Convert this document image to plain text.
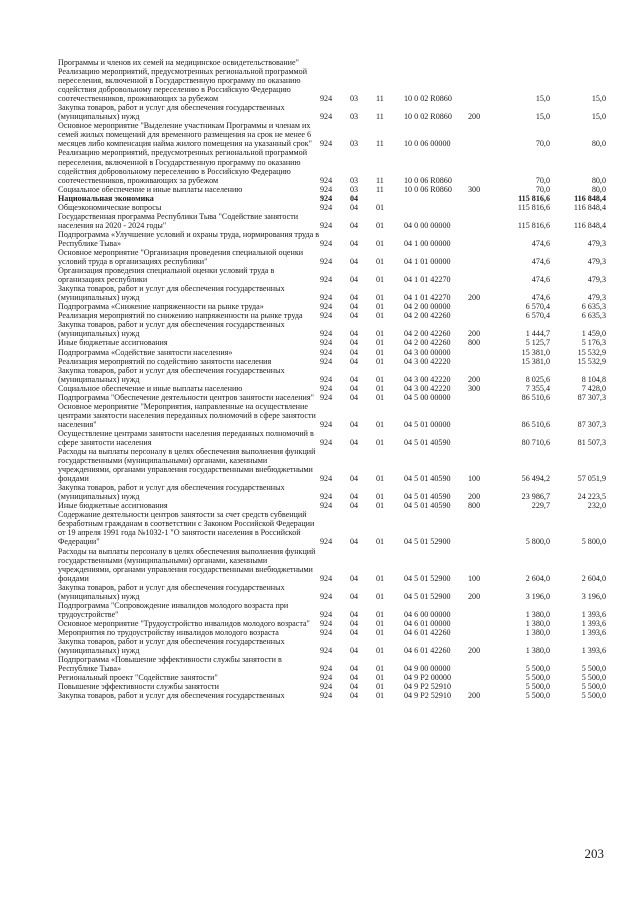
Программы и членов их семей на медицинское освидетельствование"							
Реализацию мероприятий, предусмотренных региональной программой переселения, включенной в Государственную программу по оказанию содействия добровольному переселению в Российскую Федерацию соотечественников, проживающих за рубежом	924	03	11	10 0 02 R0860		15,0	15,0
Закупка товаров, работ и услуг для обеспечения государственных (муниципальных) нужд	924	03	11	10 0 02 R0860	200	15,0	15,0
Основное мероприятие "Выделение участникам Программы и членам их семей жилых помещений для временного размещения на срок не менее 6 месяцев либо компенсация найма жилого помещения на указанный срок"	924	03	11	10 0 06 00000		70,0	80,0
Реализацию мероприятий, предусмотренных региональной программой переселения, включенной в Государственную программу по оказанию содействия добровольному переселению в Российскую Федерацию соотечественников, проживающих за рубежом	924	03	11	10 0 06 R0860		70,0	80,0
Социальное обеспечение и иные выплаты населению	924	03	11	10 0 06 R0860	300	70,0	80,0
Национальная экономика	924	04				115 816,6	116 848,4
Общеэкономические вопросы	924	04	01			115 816,6	116 848,4
Государственная программа Республики Тыва "Содействие занятости населения на 2020 - 2024 годы"	924	04	01	04 0 00 00000		115 816,6	116 848,4
Подпрограмма «Улучшение условий и охраны труда, нормирования труда в Республике Тыва»	924	04	01	04 1 00 00000		474,6	479,3
Основное мероприятие "Организация проведения специальной оценки условий труда в организациях республики"	924	04	01	04 1 01 00000		474,6	479,3
Организация проведения специальной оценки условий труда в организациях республики	924	04	01	04 1 01 42270		474,6	479,3
Закупка товаров, работ и услуг для обеспечения государственных (муниципальных) нужд	924	04	01	04 1 01 42270	200	474,6	479,3
Подпрограмма «Снижение напряженности на рынке труда»	924	04	01	04 2 00 00000		6 570,4	6 635,3
Реализация мероприятий по снижению напряженности на рынке труда	924	04	01	04 2 00 42260		6 570,4	6 635,3
Закупка товаров, работ и услуг для обеспечения государственных (муниципальных) нужд	924	04	01	04 2 00 42260	200	1 444,7	1 459,0
Иные бюджетные ассигнования	924	04	01	04 2 00 42260	800	5 125,7	5 176,3
Подпрограмма «Содействие занятости населения»	924	04	01	04 3 00 00000		15 381,0	15 532,9
Реализация мероприятий по содействию занятости населения	924	04	01	04 3 00 42220		15 381,0	15 532,9
Закупка товаров, работ и услуг для обеспечения государственных (муниципальных) нужд	924	04	01	04 3 00 42220	200	8 025,6	8 104,8
Социальное обеспечение и иные выплаты населению	924	04	01	04 3 00 42220	300	7 355,4	7 428,0
Подпрограмма "Обеспечение деятельности центров занятости населения"	924	04	01	04 5 00 00000		86 510,6	87 307,3
Основное мероприятие "Мероприятия, направленные на осуществление центрами занятости населения переданных полномочий в сфере занятости населения"	924	04	01	04 5 01 00000		86 510,6	87 307,3
Осуществление центрами занятости населения переданных полномочий в сфере занятости населения	924	04	01	04 5 01 40590		80 710,6	81 507,3
Расходы на выплаты персоналу в целях обеспечения выполнения функций государственными (муниципальными) органами, казенными учреждениями, органами управления государственными внебюджетными фондами	924	04	01	04 5 01 40590	100	56 494,2	57 051,9
Закупка товаров, работ и услуг для обеспечения государственных (муниципальных) нужд	924	04	01	04 5 01 40590	200	23 986,7	24 223,5
Иные бюджетные ассигнования	924	04	01	04 5 01 40590	800	229,7	232,0
Содержание деятельности центров занятости за счет средств субвенций безработным гражданам в соответствии с Законом Российской Федерации от 19 апреля 1991 года №1032-1 "О занятости населения в Российской Федерации"	924	04	01	04 5 01 52900		5 800,0	5 800,0
Расходы на выплаты персоналу в целях обеспечения выполнения функций государственными (муниципальными) органами, казенными учреждениями, органами управления государственными внебюджетными фондами	924	04	01	04 5 01 52900	100	2 604,0	2 604,0
Закупка товаров, работ и услуг для обеспечения государственных (муниципальных) нужд	924	04	01	04 5 01 52900	200	3 196,0	3 196,0
Подпрограмма "Сопровождение инвалидов молодого возраста при трудоустройстве"	924	04	01	04 6 00 00000		1 380,0	1 393,6
Основное мероприятие "Трудоустройство инвалидов молодого возраста"	924	04	01	04 6 01 00000		1 380,0	1 393,6
Мероприятия по трудоустройству инвалидов молодого возраста	924	04	01	04 6 01 42260		1 380,0	1 393,6
Закупка товаров, работ и услуг для обеспечения государственных (муниципальных) нужд	924	04	01	04 6 01 42260	200	1 380,0	1 393,6
Подпрограмма «Повышение эффективности службы занятости в Республике Тыва»	924	04	01	04 9 00 00000		5 500,0	5 500,0
Региональный проект "Содействие занятости"	924	04	01	04 9 P2 00000		5 500,0	5 500,0
Повышение эффективности службы занятости	924	04	01	04 9 P2 52910		5 500,0	5 500,0
Закупка товаров, работ и услуг для обеспечения государственных	924	04	01	04 9 P2 52910	200	5 500,0	5 500,0
203
